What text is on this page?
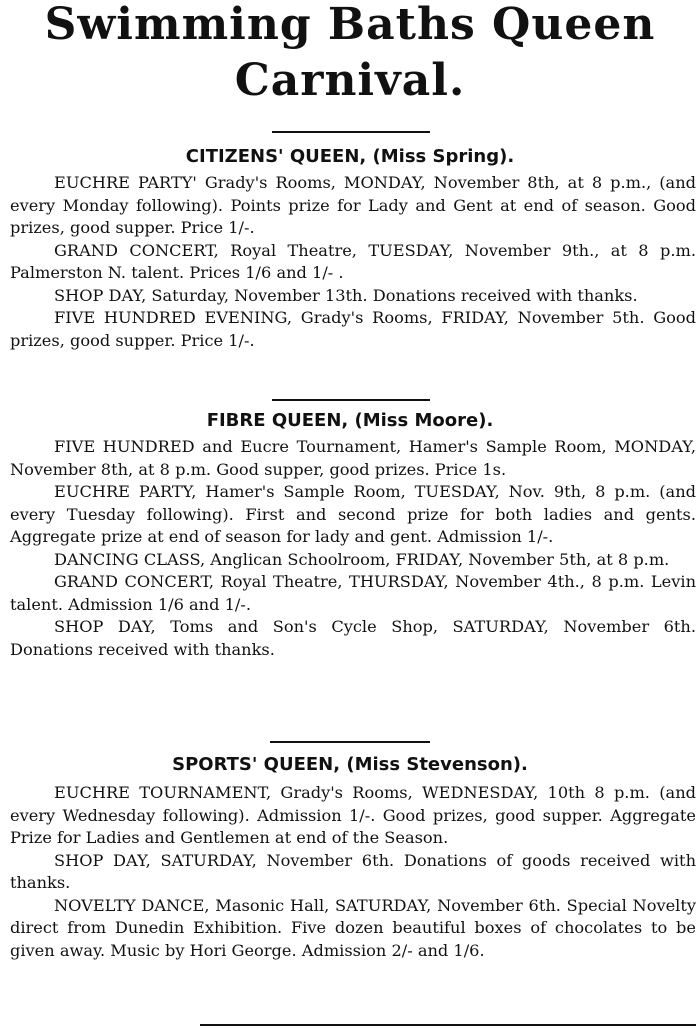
Swimming Baths Queen
Carnival.
CITIZENS' QUEEN, (Miss Spring).

EUCHRE PARTY' Grady's Rooms, MONDAY, November 8th, at 8 p.m., (and every Monday following). Points prize for Lady and Gent at end of season. Good prizes, good supper. Price 1/-.

GRAND CONCERT, Royal Theatre, TUESDAY, November 9th., at 8 p.m. Palmerston N. talent. Prices 1/6 and 1/- .

SHOP DAY, Saturday, November 13th. Donations received with thanks.

FIVE HUNDRED EVENING, Grady's Rooms, FRIDAY, November 5th. Good prizes, good supper. Price 1/-.

FIBRE QUEEN, (Miss Moore).

FIVE HUNDRED and Eucre Tournament, Hamer's Sample Room, MONDAY, November 8th, at 8 p.m. Good supper, good prizes. Price 1s.

EUCHRE PARTY, Hamer's Sample Room, TUESDAY, Nov. 9th, 8 p.m. (and every Tuesday following). First and second prize for both ladies and gents. Aggregate prize at end of season for lady and gent. Admission 1/-.

DANCING CLASS, Anglican Schoolroom, FRIDAY, November 5th, at 8 p.m.

GRAND CONCERT, Royal Theatre, THURSDAY, November 4th., 8 p.m. Levin talent. Admission 1/6 and 1/-.

SHOP DAY, Toms and Son's Cycle Shop, SATURDAY, November 6th. Donations received with thanks.

SPORTS' QUEEN, (Miss Stevenson).

EUCHRE TOURNAMENT, Grady's Rooms, WEDNESDAY, 10th 8 p.m. (and every Wednesday following). Admission 1/-. Good prizes, good supper. Aggregate Prize for Ladies and Gentlemen at end of the Season.

SHOP DAY, SATURDAY, November 6th. Donations of goods received with thanks.

NOVELTY DANCE, Masonic Hall, SATURDAY, November 6th. Special Novelty direct from Dunedin Exhibition. Five dozen beautiful boxes of chocolates to be given away. Music by Hori George. Admission 2/- and 1/6.
